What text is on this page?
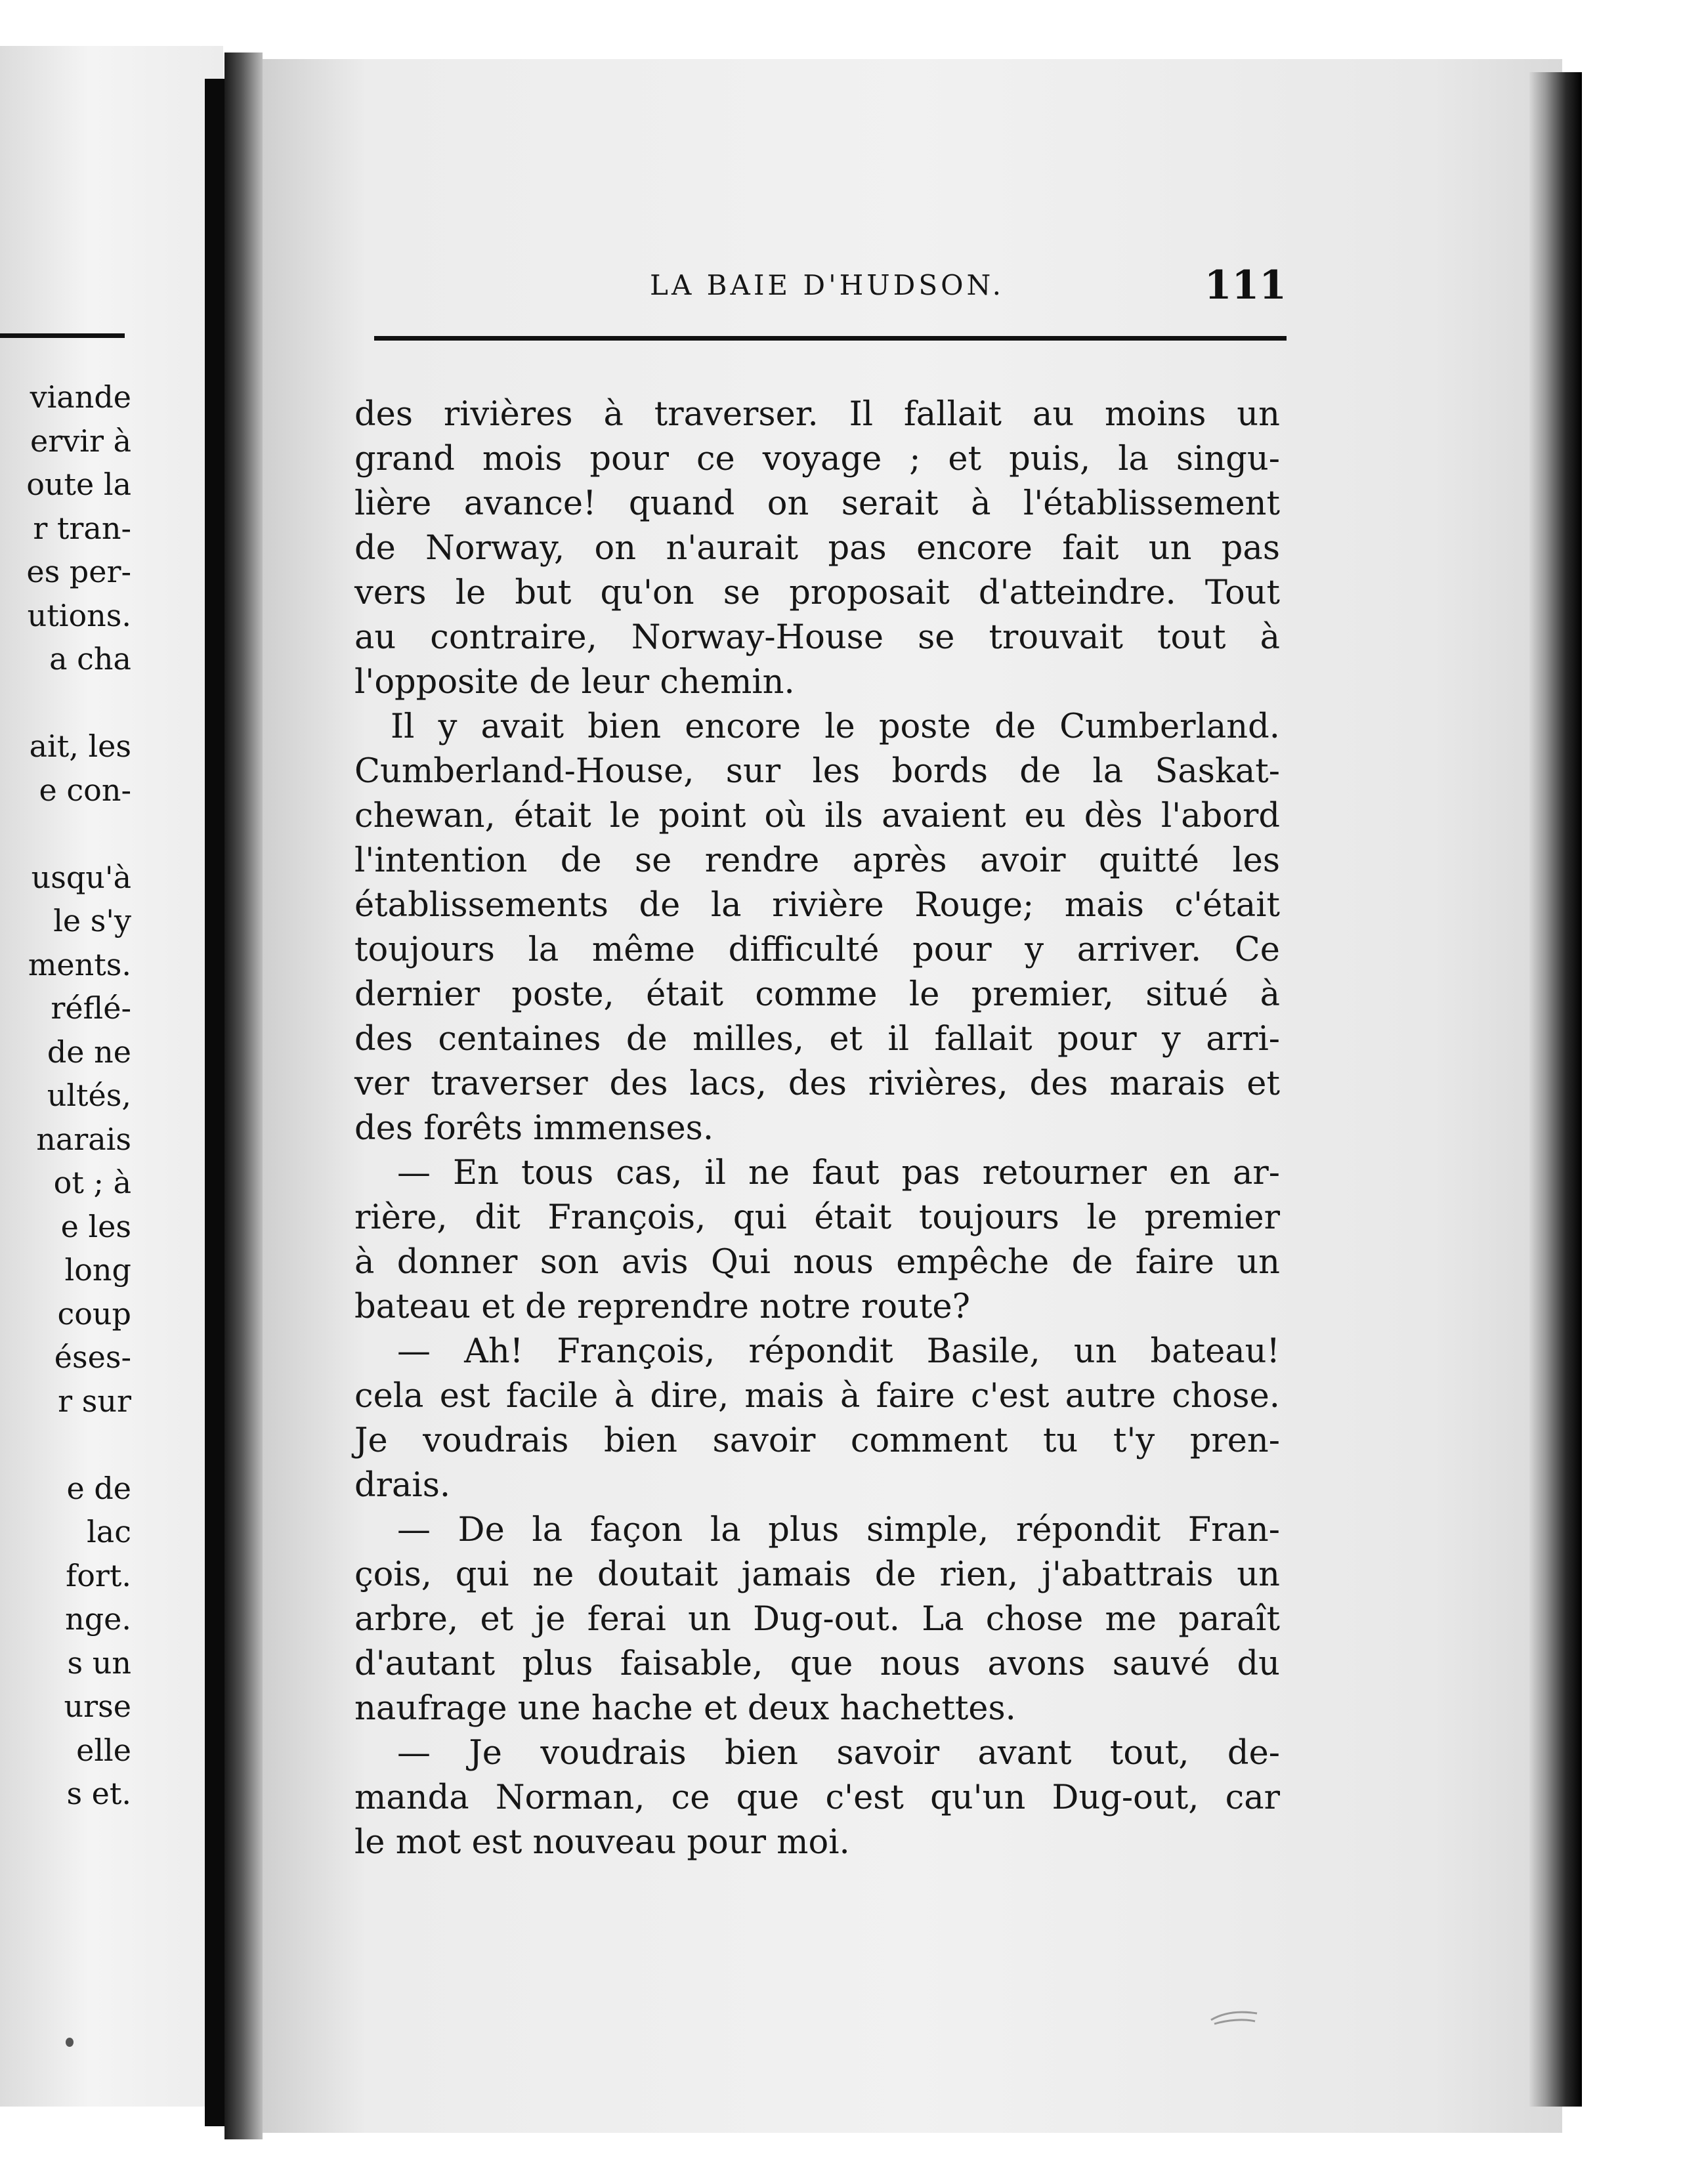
viande
ervir à
oute la
r tran-
es per-
utions.
a cha
ait, les
e con-
usqu'à
le s'y
ments.
réflé-
de ne
ultés,
narais
ot ; à
e les
long
coup
éses-
r sur
e de
lac
fort.
nge.
s un
urse
elle
s et.
LA BAIE D'HUDSON.	111
des rivières à traverser. Il fallait au moins un
grand mois pour ce voyage ; et puis, la singu-
lière avance! quand on serait à l'établissement
de Norway, on n'aurait pas encore fait un pas
vers le but qu'on se proposait d'atteindre. Tout
au contraire, Norway-House se trouvait tout à
l'opposite de leur chemin.
Il y avait bien encore le poste de Cumberland.
Cumberland-House, sur les bords de la Saskat-
chewan, était le point où ils avaient eu dès l'abord
l'intention de se rendre après avoir quitté les
établissements de la rivière Rouge; mais c'était
toujours la même difficulté pour y arriver. Ce
dernier poste, était comme le premier, situé à
des centaines de milles, et il fallait pour y arri-
ver traverser des lacs, des rivières, des marais et
des forêts immenses.
— En tous cas, il ne faut pas retourner en ar-
rière, dit François, qui était toujours le premier
à donner son avis Qui nous empêche de faire un
bateau et de reprendre notre route?
— Ah! François, répondit Basile, un bateau!
cela est facile à dire, mais à faire c'est autre chose.
Je voudrais bien savoir comment tu t'y pren-
drais.
— De la façon la plus simple, répondit Fran-
çois, qui ne doutait jamais de rien, j'abattrais un
arbre, et je ferai un Dug-out. La chose me paraît
d'autant plus faisable, que nous avons sauvé du
naufrage une hache et deux hachettes.
— Je voudrais bien savoir avant tout, de-
manda Norman, ce que c'est qu'un Dug-out, car
le mot est nouveau pour moi.
